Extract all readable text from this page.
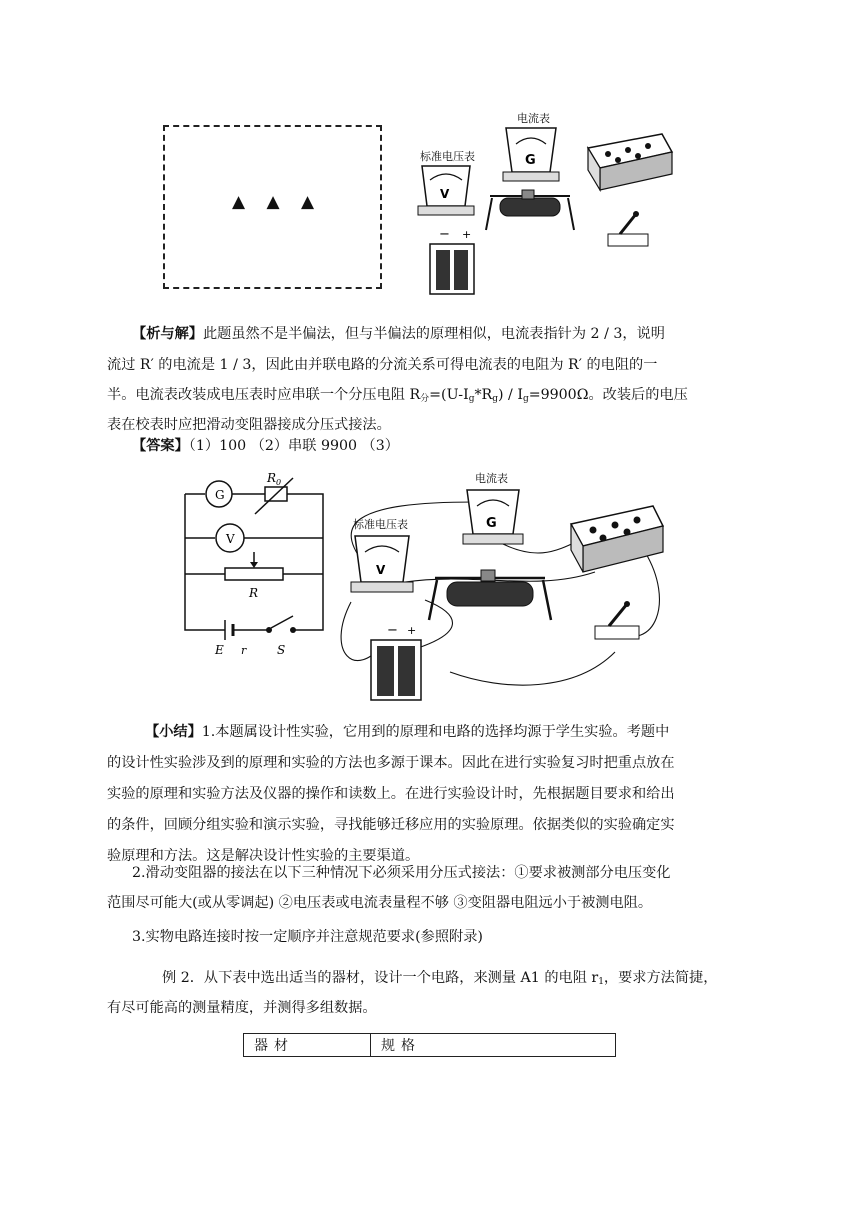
▲ ▲ ▲
电流表
G
标准电压表
V
− +

【析与解】此题虽然不是半偏法，但与半偏法的原理相似，电流表指针为 2 / 3，说明

流过 R′ 的电流是 1 / 3，因此由并联电路的分流关系可得电流表的电阻为 R′ 的电阻的一

半。电流表改装成电压表时应串联一个分压电阻 $R_分=(U-I_g*R_g) / I_g=9900\Omega$。改装后的电压

表在校表时应把滑动变阻器接成分压式接法。

【答案】（1）100 （2）串联 9900 （3）

G
$R_0$
V
R
E r	S
电流表
G
标准电压表
V
− +

【小结】1.本题属设计性实验，它用到的原理和电路的选择均源于学生实验。考题中

的设计性实验涉及到的原理和实验的方法也多源于课本。因此在进行实验复习时把重点放在

实验的原理和实验方法及仪器的操作和读数上。在进行实验设计时，先根据题目要求和给出

的条件，回顾分组实验和演示实验，寻找能够迁移应用的实验原理。依据类似的实验确定实

验原理和方法。这是解决设计性实验的主要渠道。

2.滑动变阻器的接法在以下三种情况下必须采用分压式接法：①要求被测部分电压变化

范围尽可能大(或从零调起) ②电压表或电流表量程不够 ③变阻器电阻远小于被测电阻。

3.实物电路连接时按一定顺序并注意规范要求(参照附录)

例 2．从下表中选出适当的器材，设计一个电路，来测量 A1 的电阻 $r_1$，要求方法简捷，

有尽可能高的测量精度，并测得多组数据。

器材	规格
